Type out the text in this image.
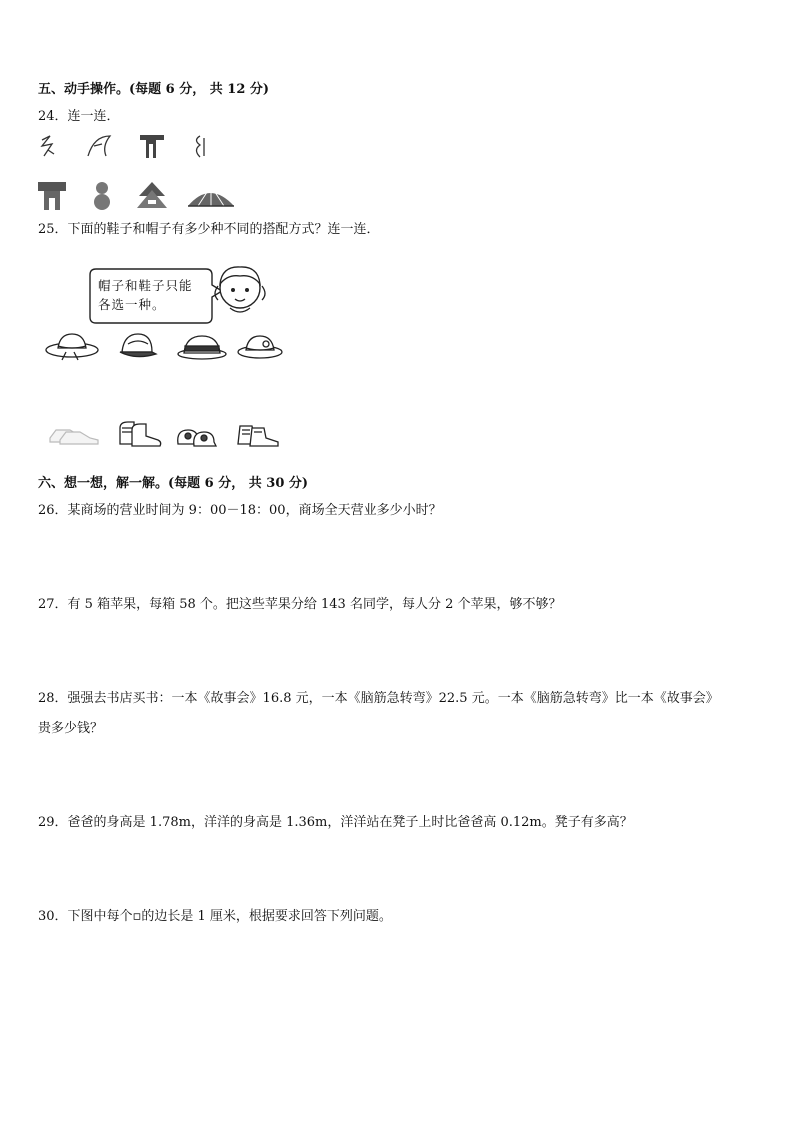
五、动手操作。(每题 6 分， 共 12 分)
24．连一连．
25．下面的鞋子和帽子有多少种不同的搭配方式？连一连．
帽子和鞋子只能
各选一种。
六、想一想，解一解。(每题 6 分， 共 30 分)
26．某商场的营业时间为 9：00－18：00，商场全天营业多少小时？
27．有 5 箱苹果，每箱 58 个。把这些苹果分给 143 名同学，每人分 2 个苹果，够不够？
28．强强去书店买书：一本《故事会》16.8 元，一本《脑筋急转弯》22.5 元。一本《脑筋急转弯》比一本《故事会》
贵多少钱？
29．爸爸的身高是 1.78m，洋洋的身高是 1.36m，洋洋站在凳子上时比爸爸高 0.12m。凳子有多高？
30．下图中每个▫的边长是 1 厘米，根据要求回答下列问题。
